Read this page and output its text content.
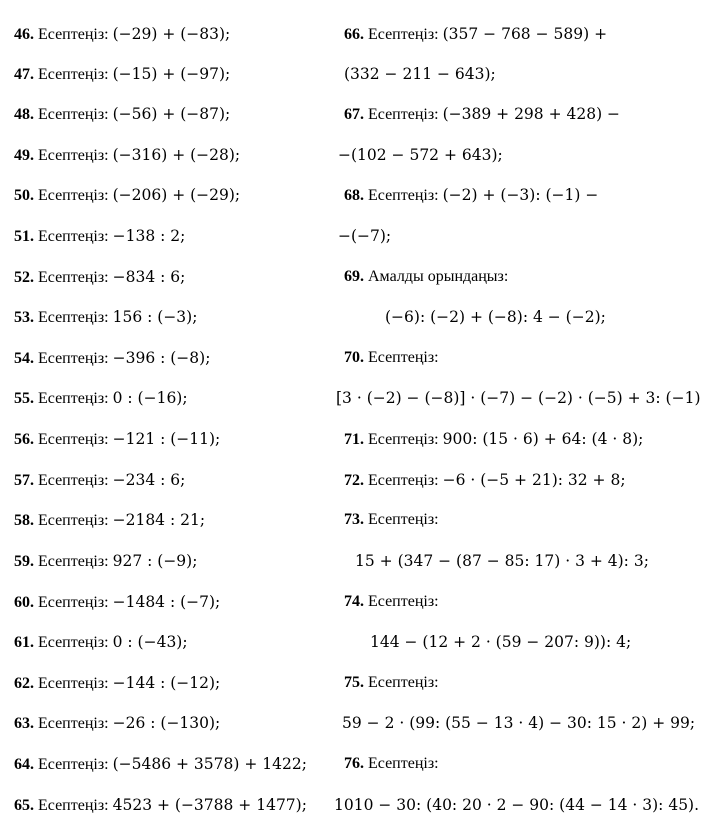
46. Есептеңіз: (−29) + (−83);
47. Есептеңіз: (−15) + (−97);
48. Есептеңіз: (−56) + (−87);
49. Есептеңіз: (−316) + (−28);
50. Есептеңіз: (−206) + (−29);
51. Есептеңіз: −138 : 2;
52. Есептеңіз: −834 : 6;
53. Есептеңіз: 156 : (−3);
54. Есептеңіз: −396 : (−8);
55. Есептеңіз: 0 : (−16);
56. Есептеңіз: −121 : (−11);
57. Есептеңіз: −234 : 6;
58. Есептеңіз: −2184 : 21;
59. Есептеңіз: 927 : (−9);
60. Есептеңіз: −1484 : (−7);
61. Есептеңіз: 0 : (−43);
62. Есептеңіз: −144 : (−12);
63. Есептеңіз: −26 : (−130);
64. Есептеңіз: (−5486 + 3578) + 1422;
65. Есептеңіз: 4523 + (−3788 + 1477);
66. Есептеңіз: (357 − 768 − 589) +
(332 − 211 − 643);
67. Есептеңіз: (−389 + 298 + 428) −
−(102 − 572 + 643);
68. Есептеңіз: (−2) + (−3): (−1) −
−(−7);
69. Амалды орындаңыз:
(−6): (−2) + (−8): 4 − (−2);
70. Есептеңіз:
[3 · (−2) − (−8)] · (−7) − (−2) · (−5) + 3: (−1)
71. Есептеңіз: 900: (15 · 6) + 64: (4 · 8);
72. Есептеңіз: −6 · (−5 + 21): 32 + 8;
73. Есептеңіз:
15 + (347 − (87 − 85: 17) · 3 + 4): 3;
74. Есептеңіз:
144 − (12 + 2 · (59 − 207: 9)): 4;
75. Есептеңіз:
59 − 2 · (99: (55 − 13 · 4) − 30: 15 · 2) + 99;
76. Есептеңіз:
1010 − 30: (40: 20 · 2 − 90: (44 − 14 · 3): 45).
